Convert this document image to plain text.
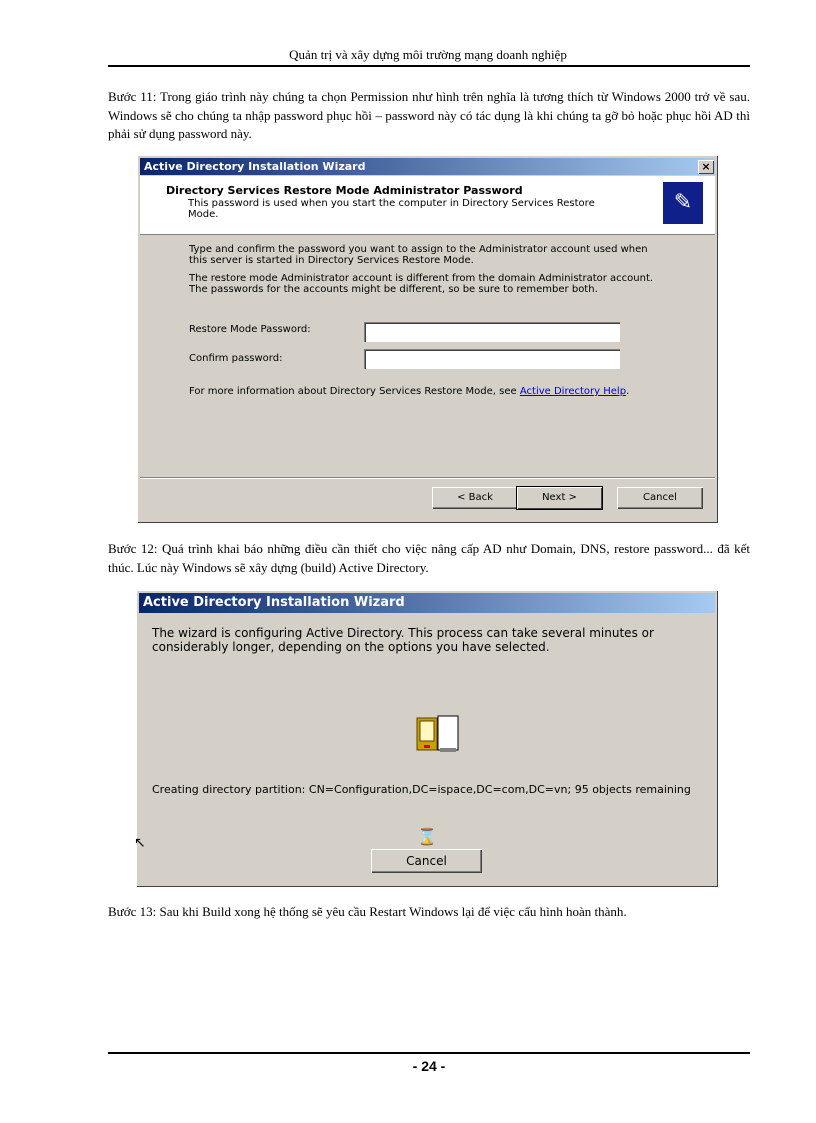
Quản trị và xây dựng môi trường mạng doanh nghiệp

Bước 11: Trong giáo trình này chúng ta chọn Permission như hình trên nghĩa là tương thích từ Windows 2000 trở về sau. Windows sẽ cho chúng ta nhập password phục hồi – password này có tác dụng là khi chúng ta gỡ bỏ hoặc phục hồi AD thì phải sử dụng password này.

Active Directory Installation Wizard	×
Directory Services Restore Mode Administrator Password
This password is used when you start the computer in Directory Services Restore Mode.	✎
Type and confirm the password you want to assign to the Administrator account used when this server is started in Directory Services Restore Mode.
The restore mode Administrator account is different from the domain Administrator account. The passwords for the accounts might be different, so be sure to remember both.
Restore Mode Password:
Confirm password:
For more information about Directory Services Restore Mode, see Active Directory Help.
< Back	Next >	Cancel

Bước 12: Quá trình khai báo những điều cần thiết cho việc nâng cấp AD như Domain, DNS, restore password... đã kết thúc. Lúc này Windows sẽ xây dựng (build) Active Directory.

Active Directory Installation Wizard
The wizard is configuring Active Directory. This process can take several minutes or considerably longer, depending on the options you have selected.
Creating directory partition: CN=Configuration,DC=ispace,DC=com,DC=vn; 95 objects remaining
⌛
Cancel
↖

Bước 13: Sau khi Build xong hệ thống sẽ yêu cầu Restart Windows lại để việc cấu hình hoàn thành.

- 24 -
